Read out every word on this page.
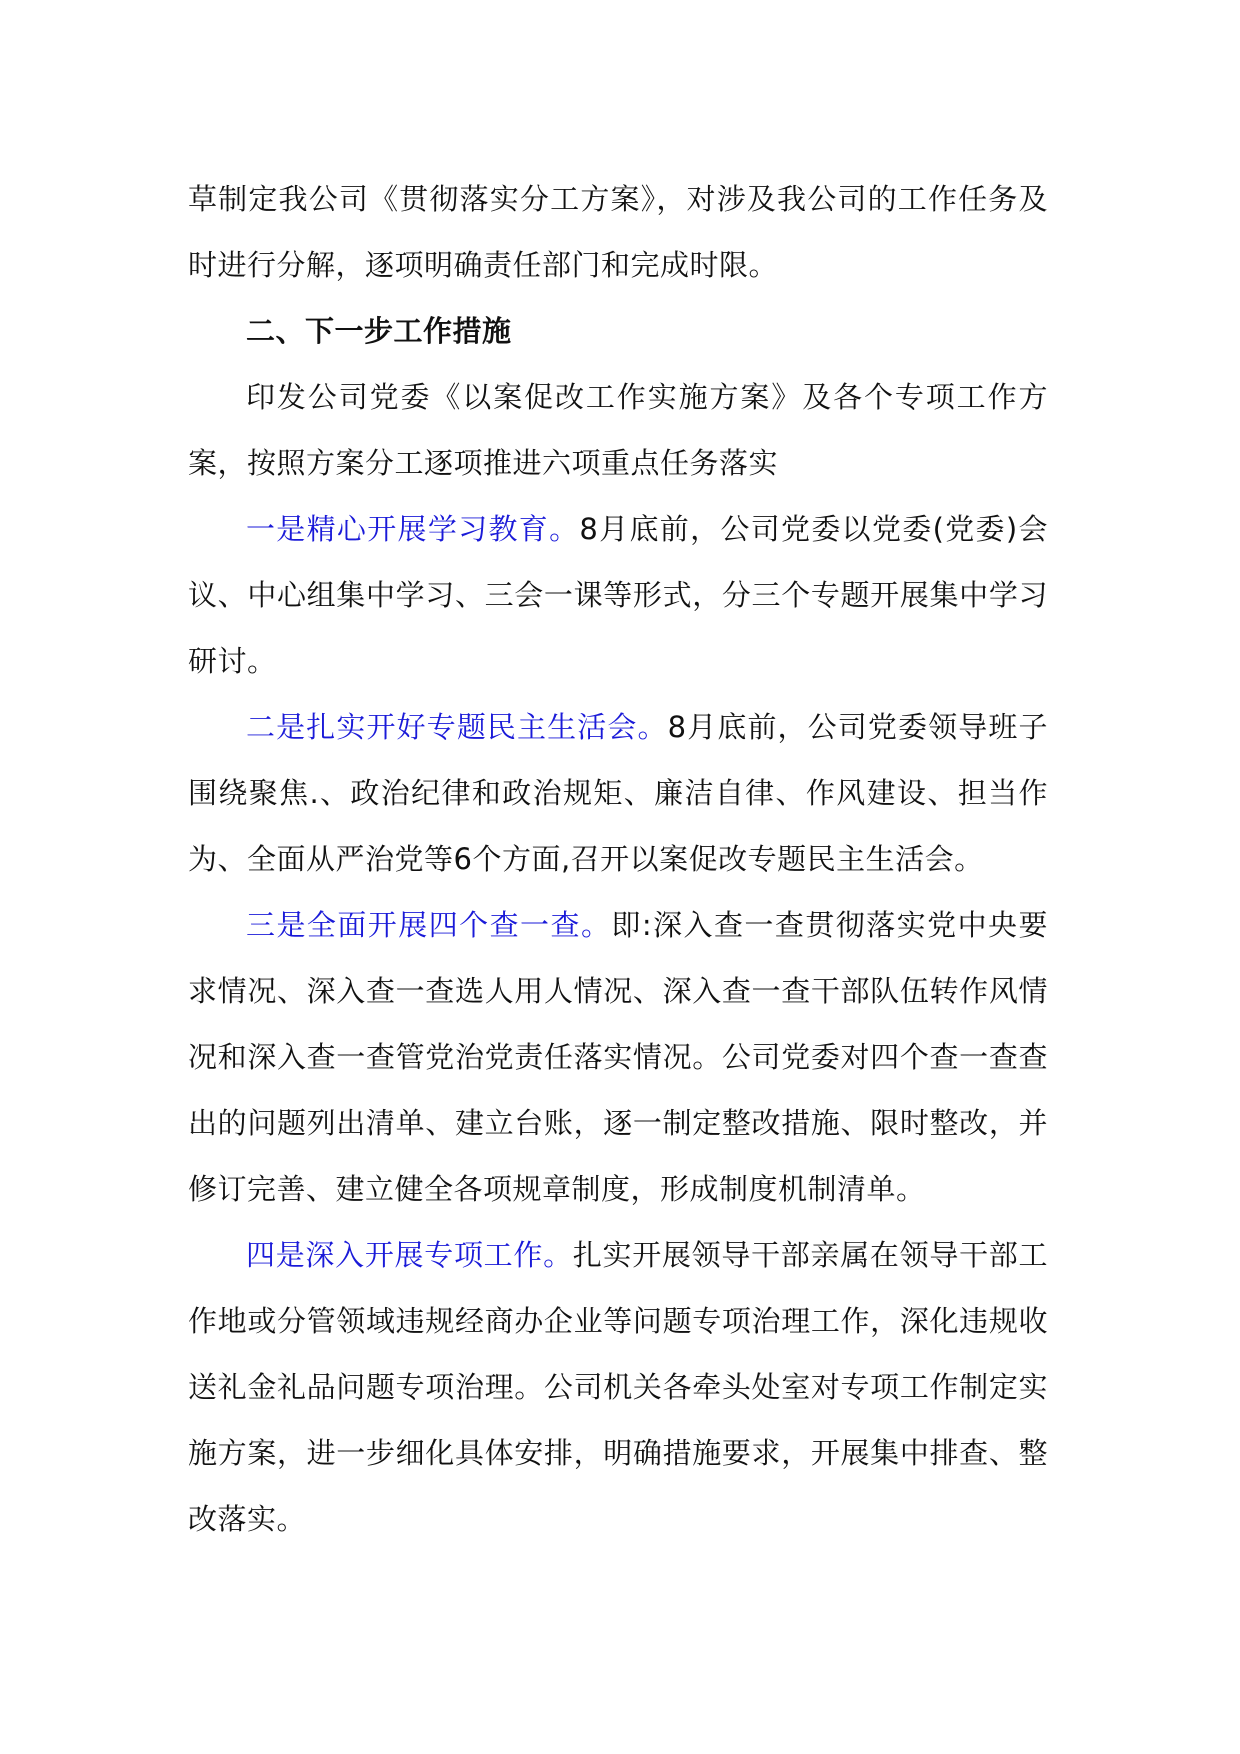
草制定我公司《贯彻落实分工方案》，对涉及我公司的工作任务及时进行分解，逐项明确责任部门和完成时限。

二、下一步工作措施

印发公司党委《以案促改工作实施方案》及各个专项工作方案，按照方案分工逐项推进六项重点任务落实

一是精心开展学习教育。8月底前，公司党委以党委(党委)会议、中心组集中学习、三会一课等形式，分三个专题开展集中学习研讨。

二是扎实开好专题民主生活会。8月底前，公司党委领导班子围绕聚焦.、政治纪律和政治规矩、廉洁自律、作风建设、担当作为、全面从严治党等6个方面,召开以案促改专题民主生活会。

三是全面开展四个查一查。即:深入查一查贯彻落实党中央要求情况、深入查一查选人用人情况、深入查一查干部队伍转作风情况和深入查一查管党治党责任落实情况。公司党委对四个查一查查出的问题列出清单、建立台账，逐一制定整改措施、限时整改，并修订完善、建立健全各项规章制度，形成制度机制清单。

四是深入开展专项工作。扎实开展领导干部亲属在领导干部工作地或分管领域违规经商办企业等问题专项治理工作，深化违规收送礼金礼品问题专项治理。公司机关各牵头处室对专项工作制定实施方案，进一步细化具体安排，明确措施要求，开展集中排查、整改落实。
